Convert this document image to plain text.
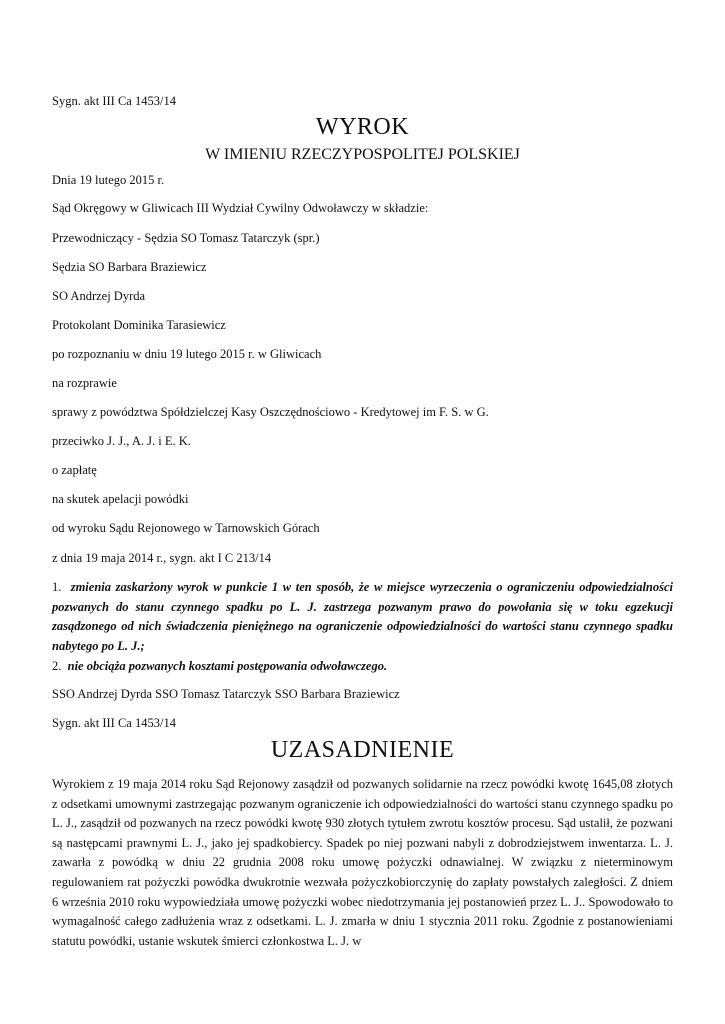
Sygn. akt III Ca 1453/14
WYROK
W IMIENIU RZECZYPOSPOLITEJ POLSKIEJ
Dnia 19 lutego 2015 r.
Sąd Okręgowy w Gliwicach III Wydział Cywilny Odwoławczy w składzie:
Przewodniczący - Sędzia SO Tomasz Tatarczyk (spr.)
Sędzia SO Barbara Braziewicz
SO Andrzej Dyrda
Protokolant Dominika Tarasiewicz
po rozpoznaniu w dniu 19 lutego 2015 r. w Gliwicach
na rozprawie
sprawy z powództwa Spółdzielczej Kasy Oszczędnościowo - Kredytowej im F. S. w G.
przeciwko J. J., A. J. i E. K.
o zapłatę
na skutek apelacji powódki
od wyroku Sądu Rejonowego w Tarnowskich Górach
z dnia 19 maja 2014 r., sygn. akt I C 213/14
1. zmienia zaskarżony wyrok w punkcie 1 w ten sposób, że w miejsce wyrzeczenia o ograniczeniu odpowiedzialności pozwanych do stanu czynnego spadku po L. J. zastrzega pozwanym prawo do powołania się w toku egzekucji zasądzonego od nich świadczenia pieniężnego na ograniczenie odpowiedzialności do wartości stanu czynnego spadku nabytego po L. J.;
2. nie obciąża pozwanych kosztami postępowania odwoławczego.
SSO Andrzej Dyrda SSO Tomasz Tatarczyk SSO Barbara Braziewicz
Sygn. akt III Ca 1453/14
UZASADNIENIE
Wyrokiem z 19 maja 2014 roku Sąd Rejonowy zasądził od pozwanych solidarnie na rzecz powódki kwotę 1645,08 złotych z odsetkami umownymi zastrzegając pozwanym ograniczenie ich odpowiedzialności do wartości stanu czynnego spadku po L. J., zasądził od pozwanych na rzecz powódki kwotę 930 złotych tytułem zwrotu kosztów procesu. Sąd ustalił, że pozwani są następcami prawnymi L. J., jako jej spadkobiercy. Spadek po niej pozwani nabyli z dobrodziejstwem inwentarza. L. J. zawarła z powódką w dniu 22 grudnia 2008 roku umowę pożyczki odnawialnej. W związku z nieterminowym regulowaniem rat pożyczki powódka dwukrotnie wezwała pożyczkobiorczynię do zapłaty powstałych zaległości. Z dniem 6 września 2010 roku wypowiedziała umowę pożyczki wobec niedotrzymania jej postanowień przez L. J.. Spowodowało to wymagalność całego zadłużenia wraz z odsetkami. L. J. zmarła w dniu 1 stycznia 2011 roku. Zgodnie z postanowieniami statutu powódki, ustanie wskutek śmierci członkostwa L. J. w
